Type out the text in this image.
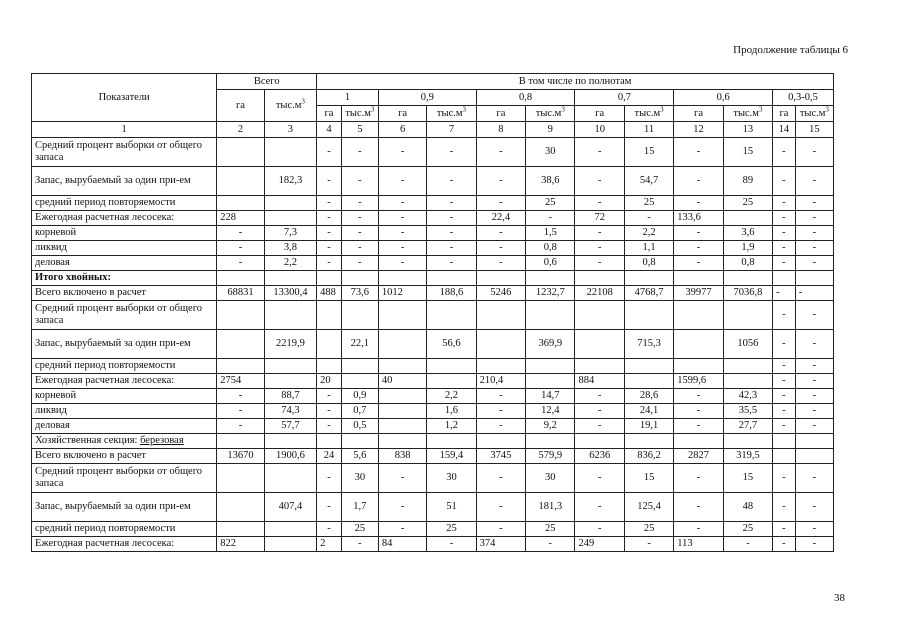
Продолжение таблицы 6
Показатели	Всего		В том числе по полнотам											
	га	$тыс.м^3$	1		0,9		0,8		0,7		0,6		0,3-0,5	
			га	$тыс.м^3$	га	$тыс.м^3$	га	$тыс.м^3$	га	$тыс.м^3$	га	$тыс.м^3$	га	$тыс.м^3$
1	2	3	4	5	6	7	8	9	10	11	12	13	14	15
Средний процент выборки от общего запаса			-	-	-	-	-	30	-	15	-	15	-	-
Запас, вырубаемый за один при-ем		182,3	-	-	-	-	-	38,6	-	54,7	-	89	-	-
средний период повторяемости			-	-	-	-	-	25	-	25	-	25	-	-
Ежегодная расчетная лесосека:	228		-	-	-	-	22,4	-	72	-	133,6		-	-
корневой	-	7,3	-	-	-	-	-	1,5	-	2,2	-	3,6	-	-
ликвид	-	3,8	-	-	-	-	-	0,8	-	1,1	-	1,9	-	-
деловая	-	2,2	-	-	-	-	-	0,6	-	0,8	-	0,8	-	-
Итого хвойных:														
Всего включено в расчет	68831	13300,4	488	73,6	1012	188,6	5246	1232,7	22108	4768,7	39977	7036,8	-	-
Средний процент выборки от общего запаса													-	-
Запас, вырубаемый за один при-ем		2219,9		22,1		56,6		369,9		715,3		1056	-	-
средний период повторяемости													-	-
Ежегодная расчетная лесосека:	2754		20		40		210,4		884		1599,6		-	-
корневой	-	88,7	-	0,9		2,2	-	14,7	-	28,6	-	42,3	-	-
ликвид	-	74,3	-	0,7		1,6	-	12,4	-	24,1	-	35,5	-	-
деловая	-	57,7	-	0,5		1,2	-	9,2	-	19,1	-	27,7	-	-
Хозяйственная секция: березовая														
Всего включено в расчет	13670	1900,6	24	5,6	838	159,4	3745	579,9	6236	836,2	2827	319,5		
Средний процент выборки от общего запаса			-	30	-	30	-	30	-	15	-	15	-	-
Запас, вырубаемый за один при-ем		407,4	-	1,7	-	51	-	181,3	-	125,4	-	48	-	-
средний период повторяемости			-	25	-	25	-	25	-	25	-	25	-	-
Ежегодная расчетная лесосека:	822		2	-	84	-	374	-	249	-	113	-	-	-
38
